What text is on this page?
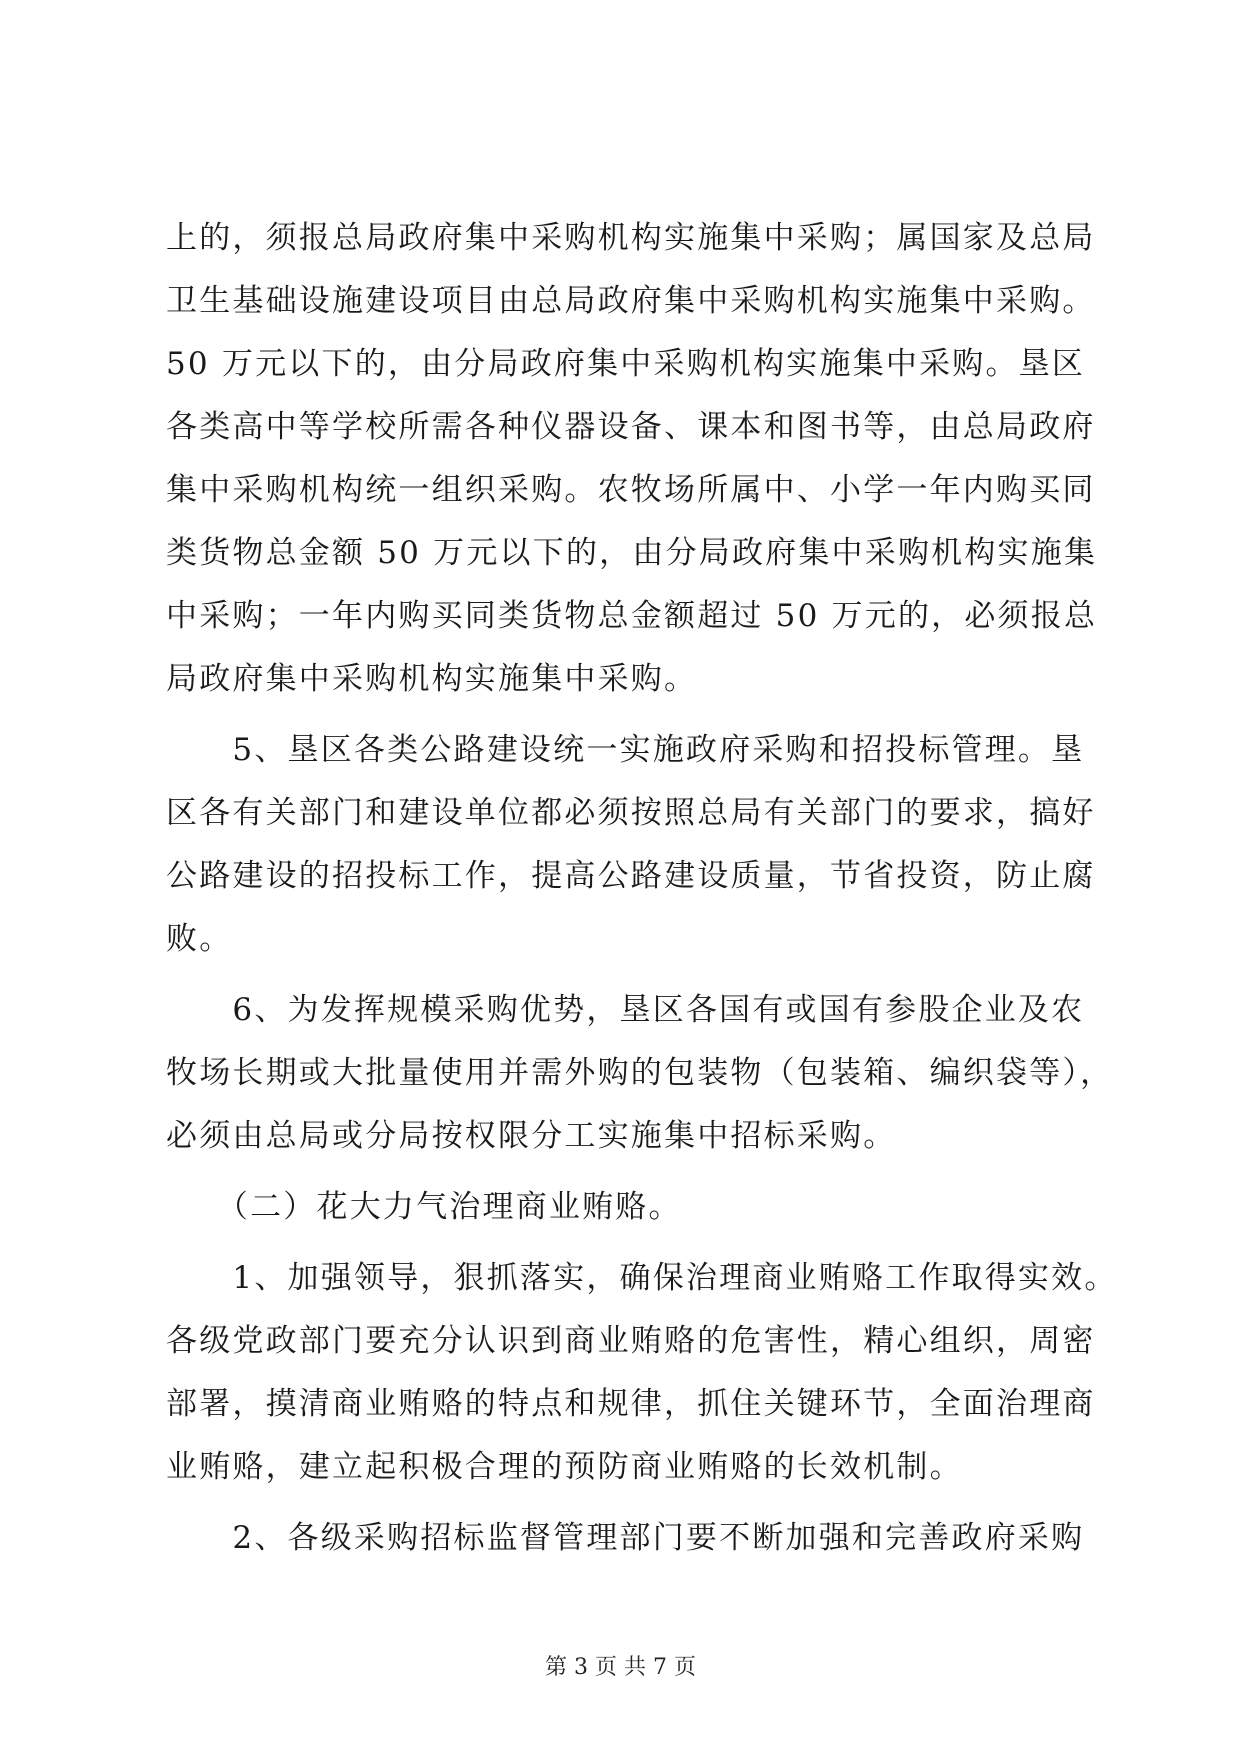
上的，须报总局政府集中采购机构实施集中采购；属国家及总局
卫生基础设施建设项目由总局政府集中采购机构实施集中采购。
50 万元以下的，由分局政府集中采购机构实施集中采购。垦区
各类高中等学校所需各种仪器设备、课本和图书等，由总局政府
集中采购机构统一组织采购。农牧场所属中、小学一年内购买同
类货物总金额 50 万元以下的，由分局政府集中采购机构实施集
中采购；一年内购买同类货物总金额超过 50 万元的，必须报总
局政府集中采购机构实施集中采购。
　　5、垦区各类公路建设统一实施政府采购和招投标管理。垦
区各有关部门和建设单位都必须按照总局有关部门的要求，搞好
公路建设的招投标工作，提高公路建设质量，节省投资，防止腐
败。
　　6、为发挥规模采购优势，垦区各国有或国有参股企业及农
牧场长期或大批量使用并需外购的包装物（包装箱、编织袋等），
必须由总局或分局按权限分工实施集中招标采购。
　　（二）花大力气治理商业贿赂。
　　1、加强领导，狠抓落实，确保治理商业贿赂工作取得实效。
各级党政部门要充分认识到商业贿赂的危害性，精心组织，周密
部署，摸清商业贿赂的特点和规律，抓住关键环节，全面治理商
业贿赂，建立起积极合理的预防商业贿赂的长效机制。
　　2、各级采购招标监督管理部门要不断加强和完善政府采购
第 3 页 共 7 页
